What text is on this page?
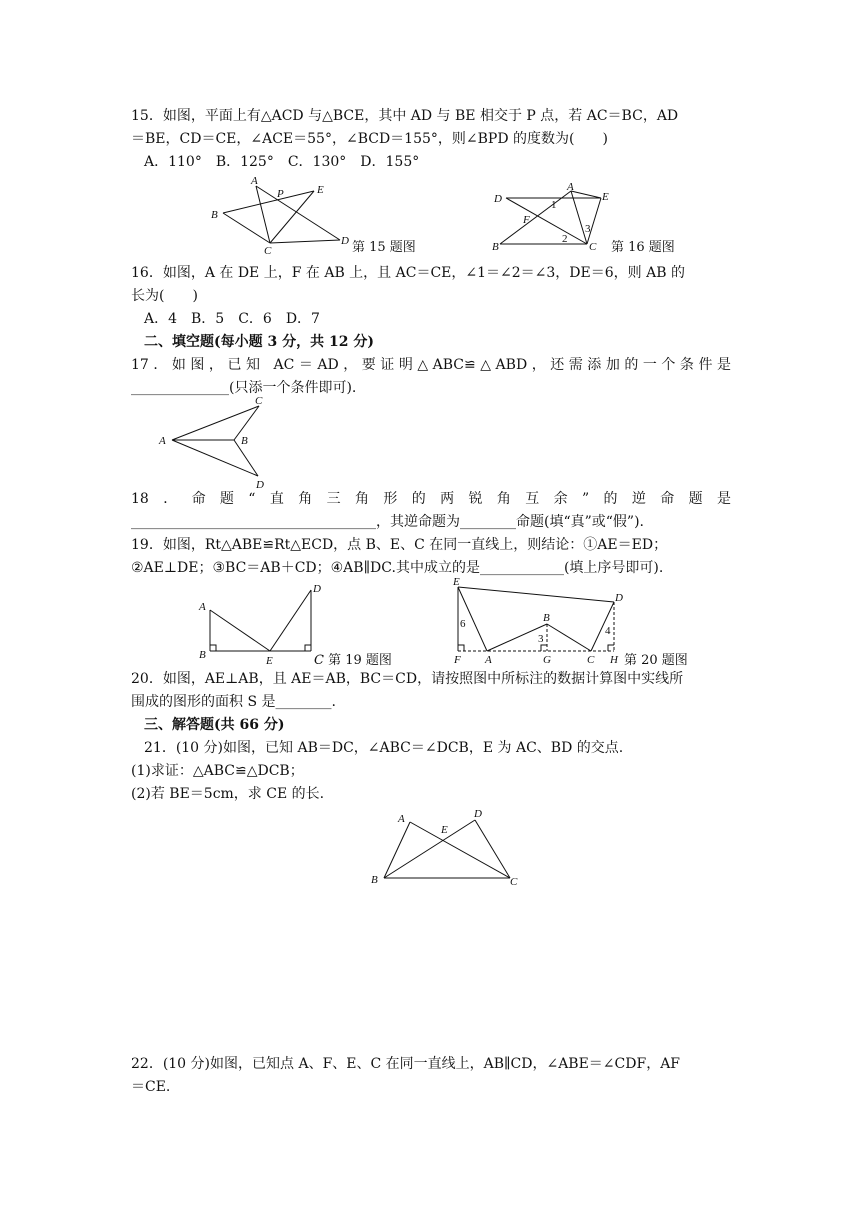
15．如图，平面上有△ACD 与△BCE，其中 AD 与 BE 相交于 P 点，若 AC＝BC，AD
＝BE，CD＝CE，∠ACE＝55°，∠BCD＝155°，则∠BPD 的度数为(　　)
A．110°　B．125°　C．130°　D．155°
A
P	E
B
C
D 第 15 题图
D
A
E
F
B	C
1
2
3
第 16 题图
16．如图，A 在 DE 上，F 在 AB 上，且 AC＝CE，∠1＝∠2＝∠3，DE＝6，则 AB 的
长为(　　)
A．4　B．5　C．6　D．7
二、填空题(每小题 3 分，共 12 分)
17．如图，已知 AC＝AD，要证明△ABC≌△ABD，还需添加的一个条件是
______________(只添一个条件即可).
C
A	B
D
18．命题“直角三角形的两锐角互余”的逆命题是
___________________________________，其逆命题为________命题(填“真”或“假”).
19．如图，Rt△ABE≌Rt△ECD，点 B、E、C 在同一直线上，则结论：①AE＝ED；
②AE⊥DE；③BC＝AB＋CD；④AB∥DC.其中成立的是____________(填上序号即可).
A
B	E
D
C 第 19 题图
E
D
B
F A	G	C H
6
3
4
第 20 题图
20．如图，AE⊥AB，且 AE＝AB，BC＝CD，请按照图中所标注的数据计算图中实线所
围成的图形的面积 S 是________.
三、解答题(共 66 分)
21．(10 分)如图，已知 AB＝DC，∠ABC＝∠DCB，E 为 AC、BD 的交点.
(1)求证：△ABC≌△DCB；
(2)若 BE＝5cm，求 CE 的长.
A
E
D
B	C
22．(10 分)如图，已知点 A、F、E、C 在同一直线上，AB∥CD，∠ABE＝∠CDF，AF
＝CE.
